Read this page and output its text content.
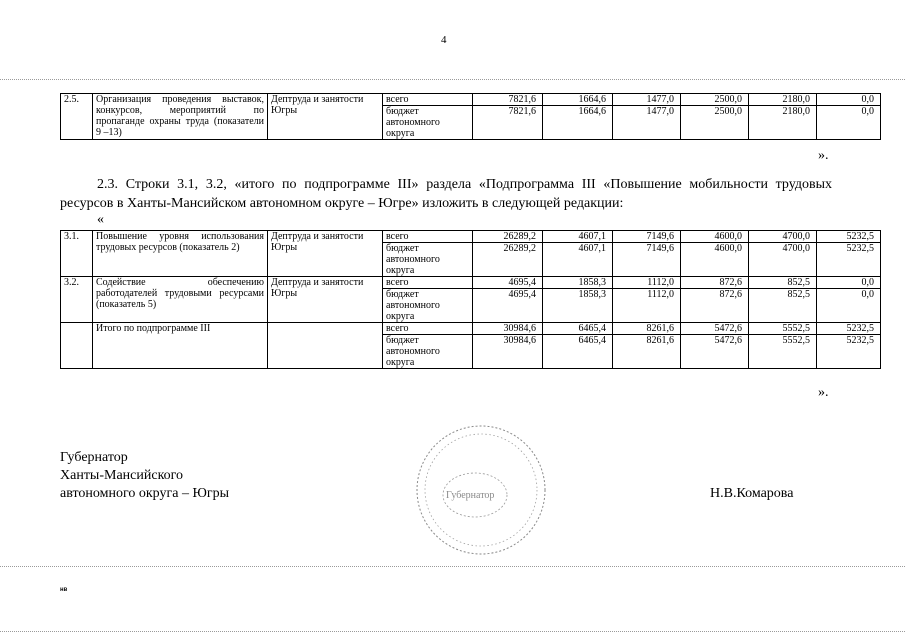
4
2.5.	Организация проведения выставок, конкурсов, мероприятий по пропаганде охраны труда (показатели 9 –13)	Дептруда и занятости Югры	всего	7821,6	1664,6	1477,0	2500,0	2180,0	0,0
			бюджет автономного округа	7821,6	1664,6	1477,0	2500,0	2180,0	0,0
».

2.3. Строки 3.1, 3.2, «итого по подпрограмме III» раздела «Подпрограмма III «Повышение мобильности трудовых ресурсов в Ханты-Мансийском автономном округе – Югре» изложить в следующей редакции:

«
3.1.	Повышение уровня использования трудовых ресурсов (показатель 2)	Дептруда и занятости Югры	всего	26289,2	4607,1	7149,6	4600,0	4700,0	5232,5
			бюджет автономного округа	26289,2	4607,1	7149,6	4600,0	4700,0	5232,5
3.2.	Содействие обеспечению работодателей трудовыми ресурсами (показатель 5)	Дептруда и занятости Югры	всего	4695,4	1858,3	1112,0	872,6	852,5	0,0
			бюджет автономного округа	4695,4	1858,3	1112,0	872,6	852,5	0,0
	Итого по подпрограмме III		всего	30984,6	6465,4	8261,6	5472,6	5552,5	5232,5
			бюджет автономного округа	30984,6	6465,4	8261,6	5472,6	5552,5	5232,5
».
Губернатор
Ханты-Мансийского
автономного округа – Югры	Губернатор	Н.В.Комарова
нв
